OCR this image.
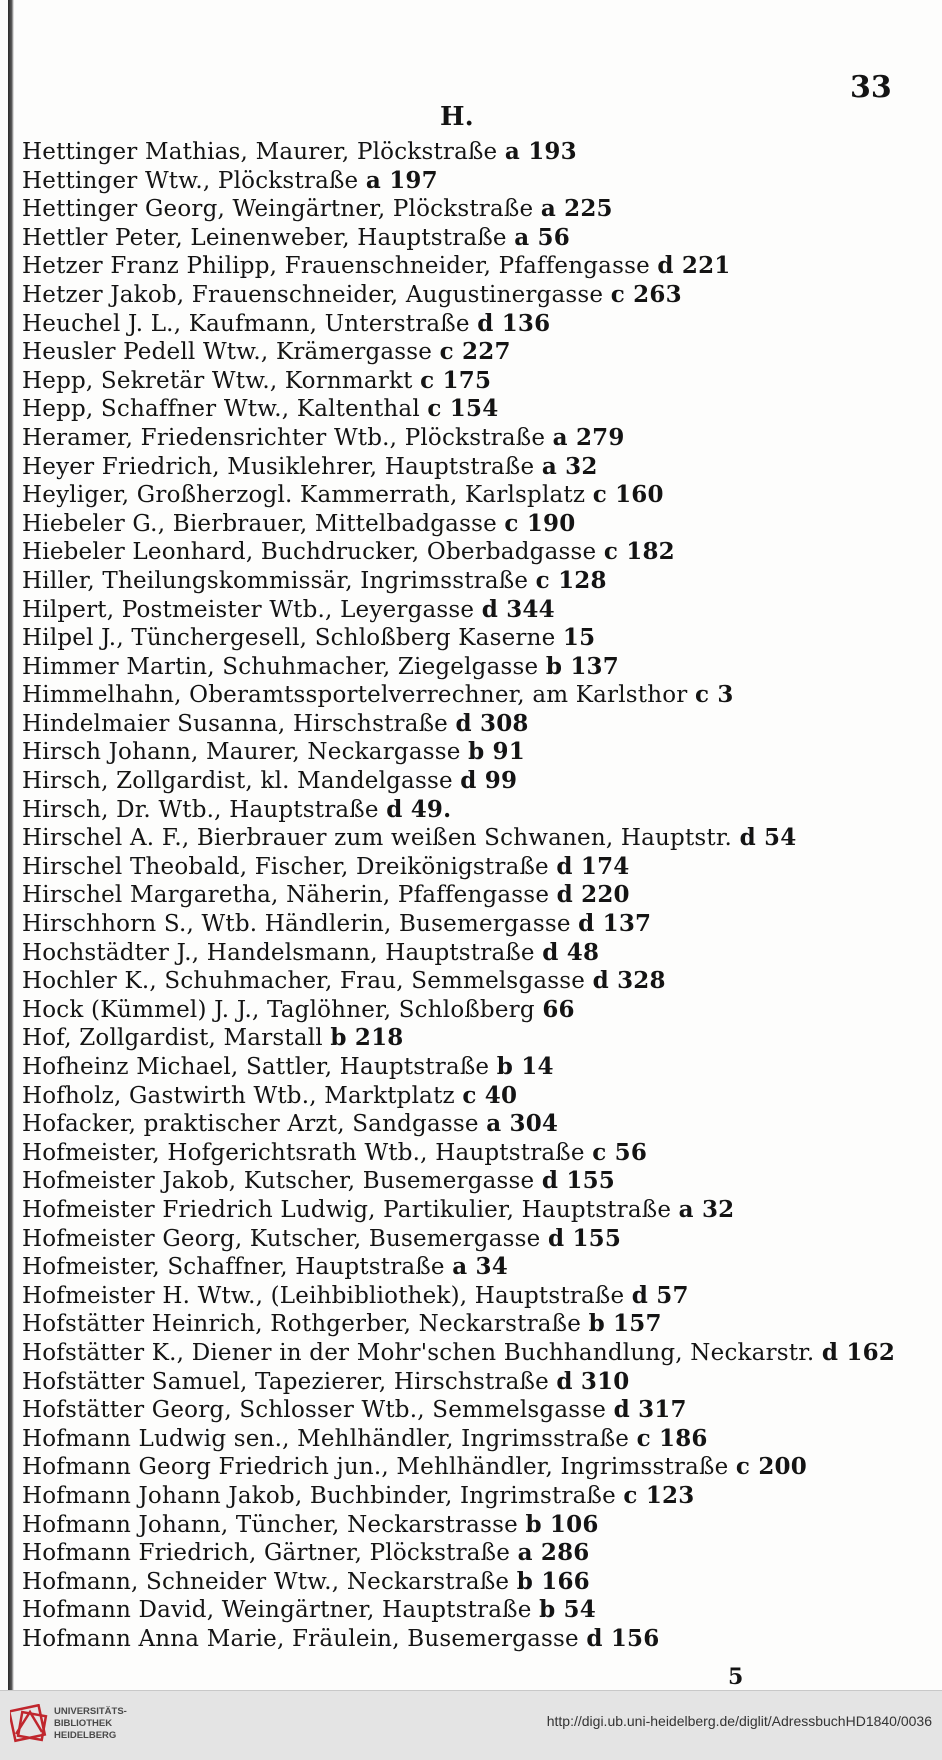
33
H.
Hettinger Mathias, Maurer, Plöckstraße a 193
Hettinger Wtw., Plöckstraße a 197
Hettinger Georg, Weingärtner, Plöckstraße a 225
Hettler Peter, Leinenweber, Hauptstraße a 56
Hetzer Franz Philipp, Frauenschneider, Pfaffengasse d 221
Hetzer Jakob, Frauenschneider, Augustinergasse c 263
Heuchel J. L., Kaufmann, Unterstraße d 136
Heusler Pedell Wtw., Krämergasse c 227
Hepp, Sekretär Wtw., Kornmarkt c 175
Hepp, Schaffner Wtw., Kaltenthal c 154
Heramer, Friedensrichter Wtb., Plöckstraße a 279
Heyer Friedrich, Musiklehrer, Hauptstraße a 32
Heyliger, Großherzogl. Kammerrath, Karlsplatz c 160
Hiebeler G., Bierbrauer, Mittelbadgasse c 190
Hiebeler Leonhard, Buchdrucker, Oberbadgasse c 182
Hiller, Theilungskommissär, Ingrimsstraße c 128
Hilpert, Postmeister Wtb., Leyergasse d 344
Hilpel J., Tünchergesell, Schloßberg Kaserne 15
Himmer Martin, Schuhmacher, Ziegelgasse b 137
Himmelhahn, Oberamtssportelverrechner, am Karlsthor c 3
Hindelmaier Susanna, Hirschstraße d 308
Hirsch Johann, Maurer, Neckargasse b 91
Hirsch, Zollgardist, kl. Mandelgasse d 99
Hirsch, Dr. Wtb., Hauptstraße d 49.
Hirschel A. F., Bierbrauer zum weißen Schwanen, Hauptstr. d 54
Hirschel Theobald, Fischer, Dreikönigstraße d 174
Hirschel Margaretha, Näherin, Pfaffengasse d 220
Hirschhorn S., Wtb. Händlerin, Busemergasse d 137
Hochstädter J., Handelsmann, Hauptstraße d 48
Hochler K., Schuhmacher, Frau, Semmelsgasse d 328
Hock (Kümmel) J. J., Taglöhner, Schloßberg 66
Hof, Zollgardist, Marstall b 218
Hofheinz Michael, Sattler, Hauptstraße b 14
Hofholz, Gastwirth Wtb., Marktplatz c 40
Hofacker, praktischer Arzt, Sandgasse a 304
Hofmeister, Hofgerichtsrath Wtb., Hauptstraße c 56
Hofmeister Jakob, Kutscher, Busemergasse d 155
Hofmeister Friedrich Ludwig, Partikulier, Hauptstraße a 32
Hofmeister Georg, Kutscher, Busemergasse d 155
Hofmeister, Schaffner, Hauptstraße a 34
Hofmeister H. Wtw., (Leihbibliothek), Hauptstraße d 57
Hofstätter Heinrich, Rothgerber, Neckarstraße b 157
Hofstätter K., Diener in der Mohr'schen Buchhandlung, Neckarstr. d 162
Hofstätter Samuel, Tapezierer, Hirschstraße d 310
Hofstätter Georg, Schlosser Wtb., Semmelsgasse d 317
Hofmann Ludwig sen., Mehlhändler, Ingrimsstraße c 186
Hofmann Georg Friedrich jun., Mehlhändler, Ingrimsstraße c 200
Hofmann Johann Jakob, Buchbinder, Ingrimstraße c 123
Hofmann Johann, Tüncher, Neckarstrasse b 106
Hofmann Friedrich, Gärtner, Plöckstraße a 286
Hofmann, Schneider Wtw., Neckarstraße b 166
Hofmann David, Weingärtner, Hauptstraße b 54
Hofmann Anna Marie, Fräulein, Busemergasse d 156
5
UNIVERSITÄTS-
BIBLIOTHEK
HEIDELBERG
http://digi.ub.uni-heidelberg.de/diglit/AdressbuchHD1840/0036
